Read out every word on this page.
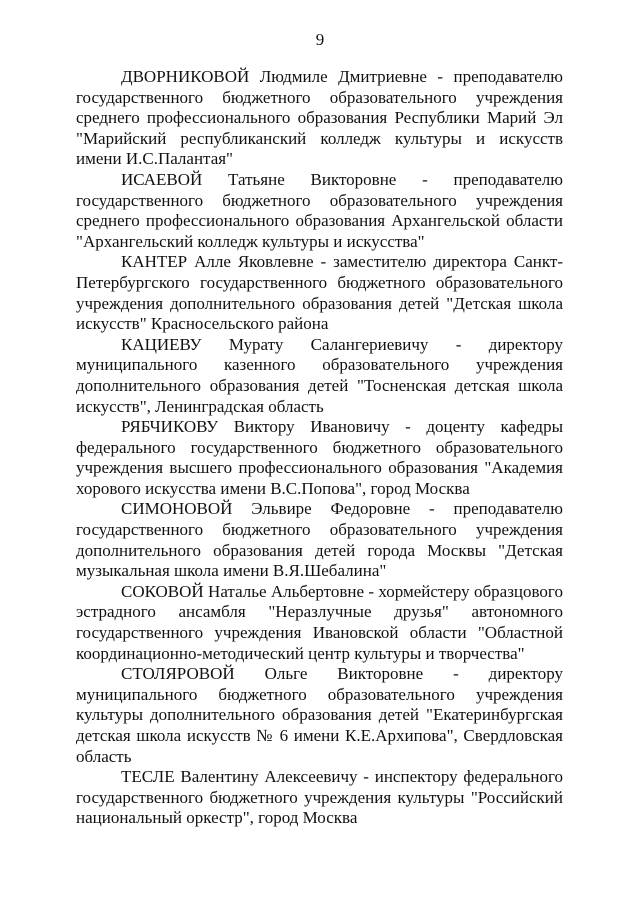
9

ДВОРНИКОВОЙ Людмиле Дмитриевне - преподавателю государственного бюджетного образовательного учреждения среднего профессионального образования Республики Марий Эл "Марийский республиканский колледж культуры и искусств имени И.С.Палантая"

ИСАЕВОЙ Татьяне Викторовне - преподавателю государственного бюджетного образовательного учреждения среднего профессионального образования Архангельской области "Архангельский колледж культуры и искусства"

КАНТЕР Алле Яковлевне - заместителю директора Санкт-Петербургского государственного бюджетного образовательного учреждения дополнительного образования детей "Детская школа искусств" Красносельского района

КАЦИЕВУ Мурату Салангериевичу - директору муниципального казенного образовательного учреждения дополнительного образования детей "Тосненская детская школа искусств", Ленинградская область

РЯБЧИКОВУ Виктору Ивановичу - доценту кафедры федерального государственного бюджетного образовательного учреждения высшего профессионального образования "Академия хорового искусства имени В.С.Попова", город Москва

СИМОНОВОЙ Эльвире Федоровне - преподавателю государственного бюджетного образовательного учреждения дополнительного образования детей города Москвы "Детская музыкальная школа имени В.Я.Шебалина"

СОКОВОЙ Наталье Альбертовне - хормейстеру образцового эстрадного ансамбля "Неразлучные друзья" автономного государственного учреждения Ивановской области "Областной координационно-методический центр культуры и творчества"

СТОЛЯРОВОЙ Ольге Викторовне - директору муниципального бюджетного образовательного учреждения культуры дополнительного образования детей "Екатеринбургская детская школа искусств № 6 имени К.Е.Архипова", Свердловская область

ТЕСЛЕ Валентину Алексеевичу - инспектору федерального государственного бюджетного учреждения культуры "Российский национальный оркестр", город Москва
